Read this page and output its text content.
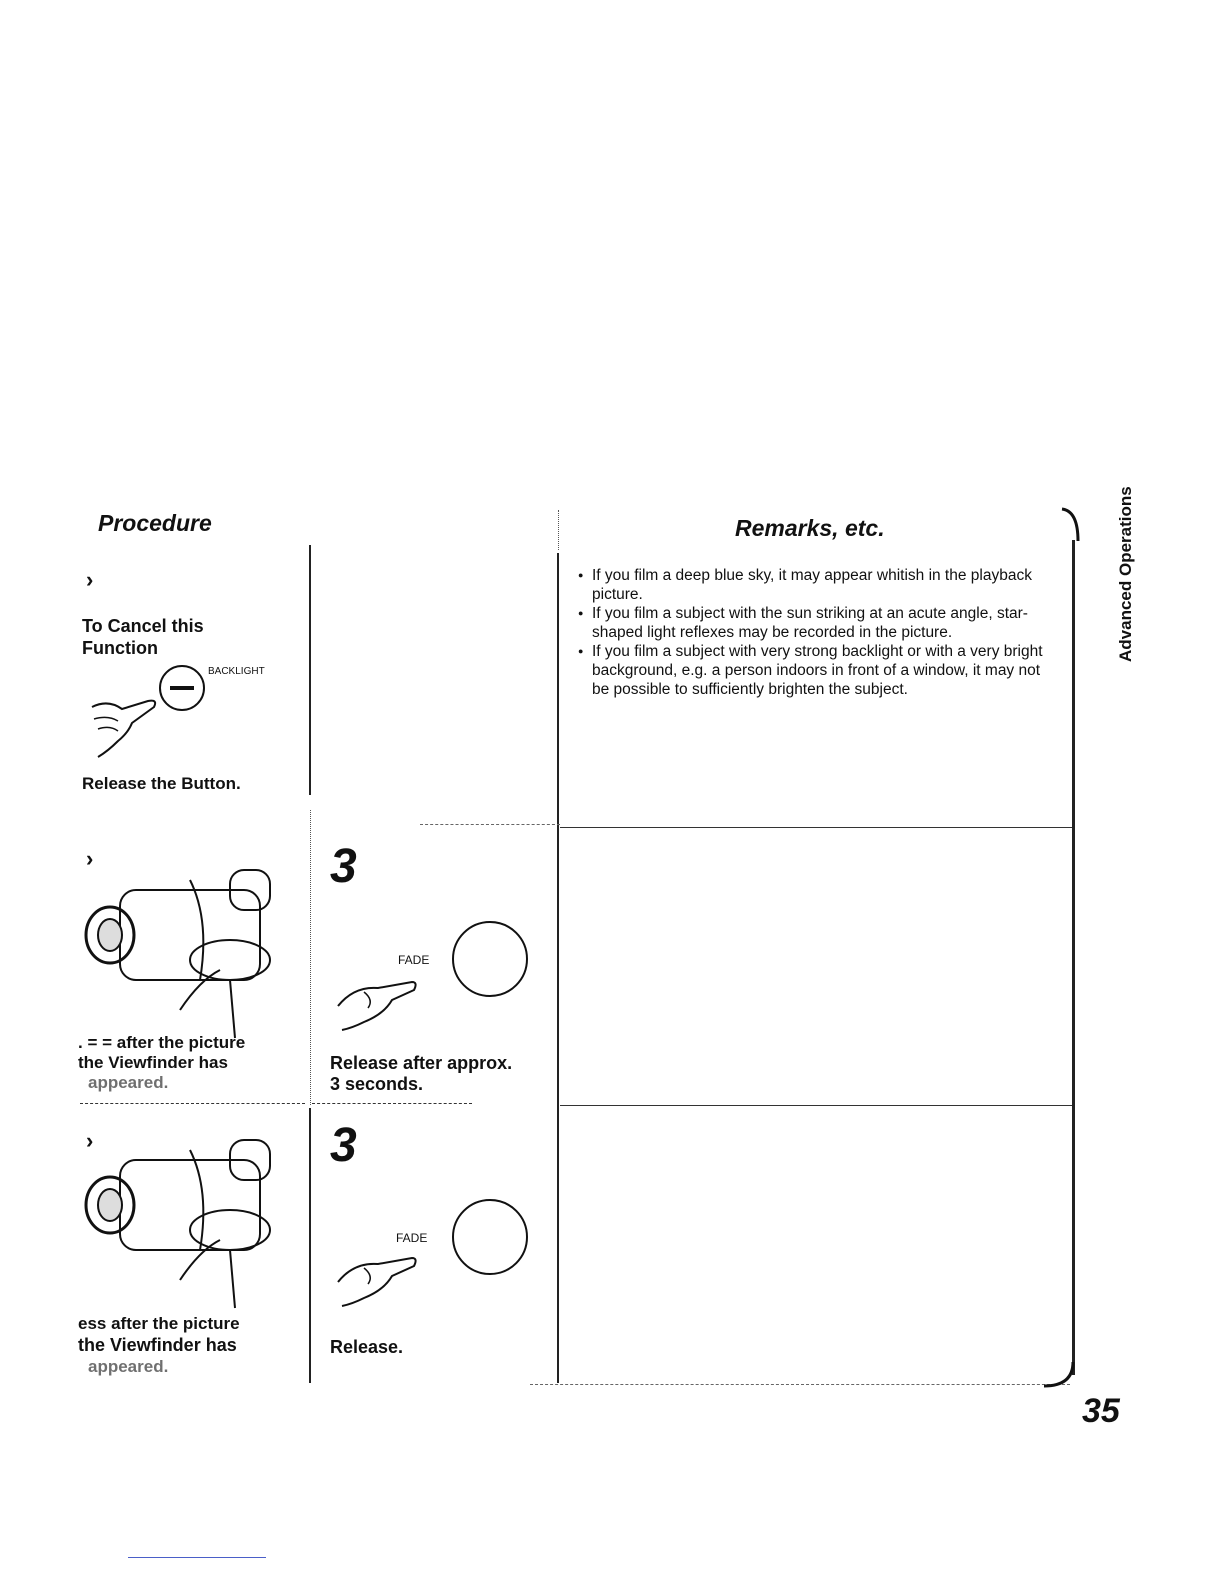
Procedure	Remarks, etc.	Advanced Operations
35
›
To Cancel this
Function
BACKLIGHT
Release the Button.
● If you film a deep blue sky, it may appear whitish in the playback picture.
● If you film a subject with the sun striking at an acute angle, star-shaped light reflexes may be recorded in the picture.
● If you film a subject with very strong backlight or with a very bright background, e.g. a person indoors in front of a window, it may not be possible to sufficiently brighten the subject.
›
. = = after the picture
the Viewfinder has
appeared.
3
FADE
Release after approx.
3 seconds.
›
ess after the picture
the Viewfinder has
appeared.
3
FADE
Release.
